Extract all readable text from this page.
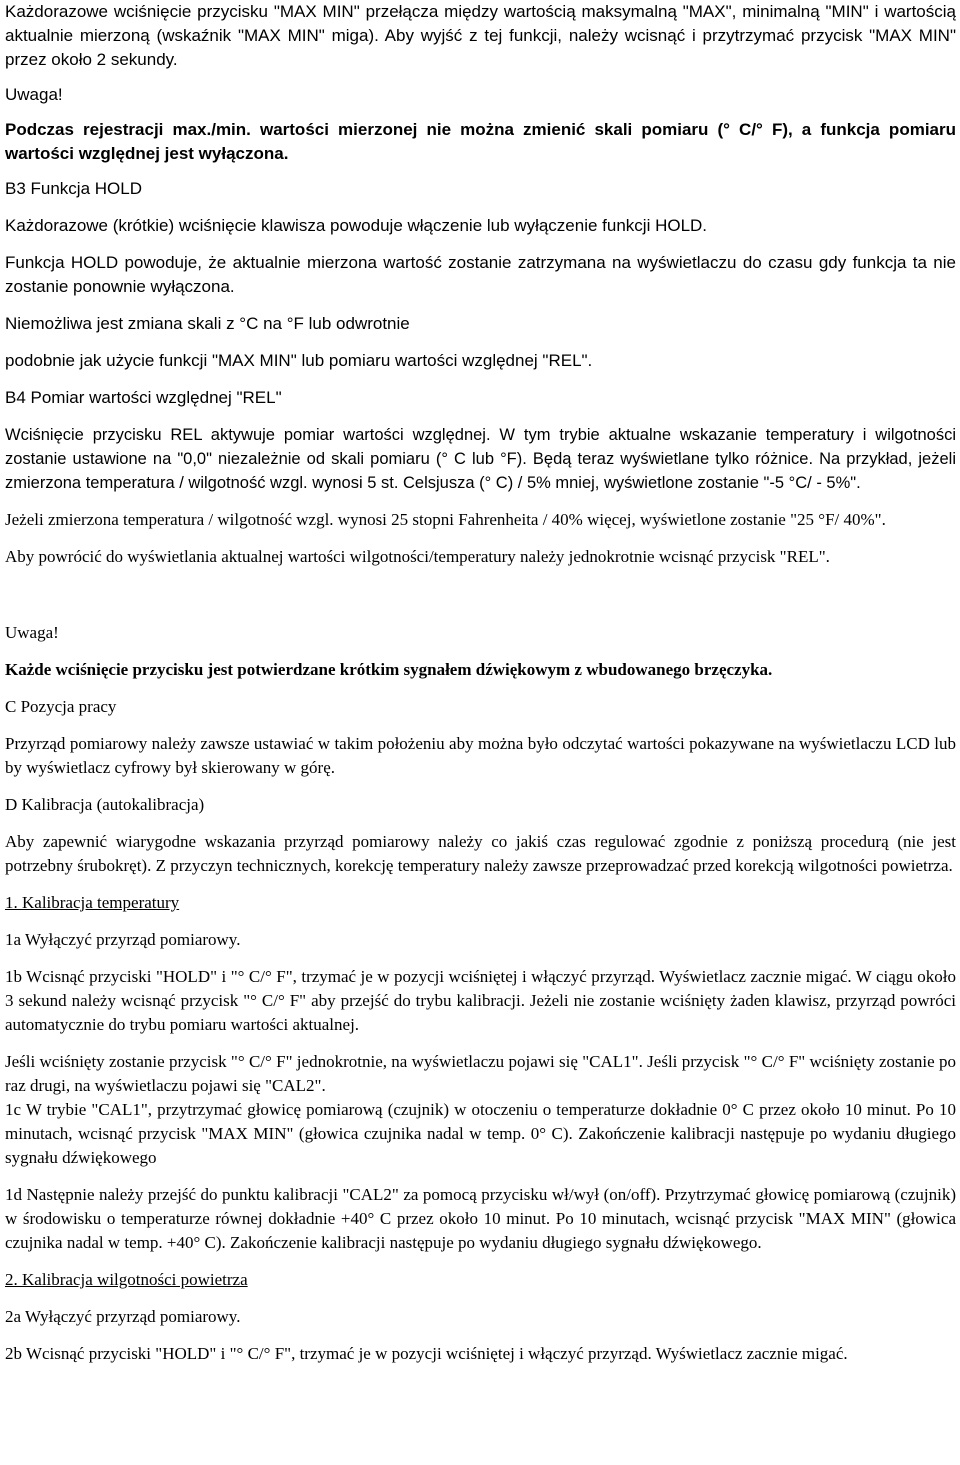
Każdorazowe wciśnięcie przycisku "MAX MIN" przełącza między wartością maksymalną "MAX", minimalną "MIN" i wartością aktualnie mierzoną (wskaźnik "MAX MIN" miga). Aby wyjść z tej funkcji, należy wcisnąć i przytrzymać przycisk "MAX MIN" przez około 2 sekundy.

Uwaga!

Podczas rejestracji max./min. wartości mierzonej nie można zmienić skali pomiaru (° C/° F), a funkcja pomiaru wartości względnej jest wyłączona.

B3 Funkcja HOLD

Każdorazowe (krótkie) wciśnięcie klawisza powoduje włączenie lub wyłączenie funkcji HOLD.

Funkcja HOLD powoduje, że aktualnie mierzona wartość zostanie zatrzymana na wyświetlaczu do czasu gdy funkcja ta nie zostanie ponownie wyłączona.

Niemożliwa jest zmiana skali z °C na °F lub odwrotnie

podobnie jak użycie funkcji "MAX MIN" lub pomiaru wartości względnej "REL".

B4 Pomiar wartości względnej "REL"

Wciśnięcie przycisku REL aktywuje pomiar wartości względnej. W tym trybie aktualne wskazanie temperatury i wilgotności zostanie ustawione na "0,0" niezależnie od skali pomiaru (° C lub °F). Będą teraz wyświetlane tylko różnice. Na przykład, jeżeli zmierzona temperatura / wilgotność wzgl. wynosi 5 st. Celsjusza (° C) / 5% mniej, wyświetlone zostanie "-5 °C/ - 5%".

Jeżeli zmierzona temperatura / wilgotność wzgl. wynosi 25 stopni Fahrenheita / 40% więcej, wyświetlone zostanie "25 °F/ 40%".

Aby powrócić do wyświetlania aktualnej wartości wilgotności/temperatury należy jednokrotnie wcisnąć przycisk "REL".

Uwaga!

Każde wciśnięcie przycisku jest potwierdzane krótkim sygnałem dźwiękowym z wbudowanego brzęczyka.

C Pozycja pracy

Przyrząd pomiarowy należy zawsze ustawiać w takim położeniu aby można było odczytać wartości pokazywane na wyświetlaczu LCD lub by wyświetlacz cyfrowy był skierowany w górę.

D Kalibracja (autokalibracja)

Aby zapewnić wiarygodne wskazania przyrząd pomiarowy należy co jakiś czas regulować zgodnie z poniższą procedurą (nie jest potrzebny śrubokręt). Z przyczyn technicznych, korekcję temperatury należy zawsze przeprowadzać przed korekcją wilgotności powietrza.

1. Kalibracja temperatury

1a Wyłączyć przyrząd pomiarowy.

1b Wcisnąć przyciski "HOLD" i "° C/° F", trzymać je w pozycji wciśniętej i włączyć przyrząd. Wyświetlacz zacznie migać. W ciągu około 3 sekund należy wcisnąć przycisk "° C/° F" aby przejść do trybu kalibracji. Jeżeli nie zostanie wciśnięty żaden klawisz, przyrząd powróci automatycznie do trybu pomiaru wartości aktualnej.

Jeśli wciśnięty zostanie przycisk "° C/° F" jednokrotnie, na wyświetlaczu pojawi się "CAL1". Jeśli przycisk "° C/° F" wciśnięty zostanie po raz drugi, na wyświetlaczu pojawi się "CAL2".

1c W trybie "CAL1", przytrzymać głowicę pomiarową (czujnik) w otoczeniu o temperaturze dokładnie 0° C przez około 10 minut. Po 10 minutach, wcisnąć przycisk "MAX MIN" (głowica czujnika nadal w temp. 0° C). Zakończenie kalibracji następuje po wydaniu długiego sygnału dźwiękowego

1d Następnie należy przejść do punktu kalibracji "CAL2" za pomocą przycisku wł/wył (on/off). Przytrzymać głowicę pomiarową (czujnik) w środowisku o temperaturze równej dokładnie +40° C przez około 10 minut. Po 10 minutach, wcisnąć przycisk "MAX MIN" (głowica czujnika nadal w temp. +40° C). Zakończenie kalibracji następuje po wydaniu długiego sygnału dźwiękowego.

2. Kalibracja wilgotności powietrza

2a Wyłączyć przyrząd pomiarowy.

2b Wcisnąć przyciski "HOLD" i "° C/° F", trzymać je w pozycji wciśniętej i włączyć przyrząd. Wyświetlacz zacznie migać.
